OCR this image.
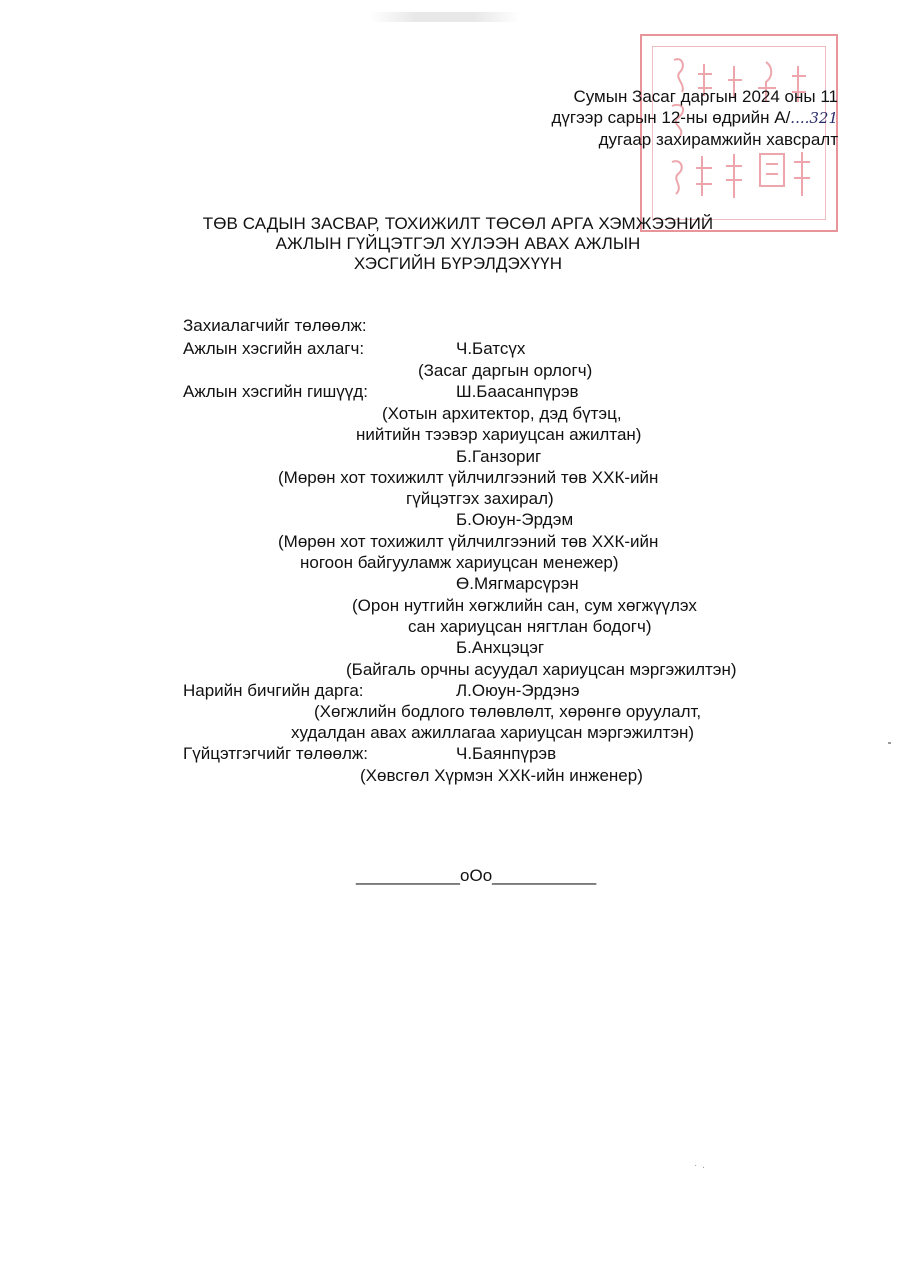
Сумын Засаг даргын 2024 оны 11
дүгээр сарын 12-ны өдрийн А/....321
дугаар захирамжийн хавсралт
ТӨВ САДЫН ЗАСВАР, ТОХИЖИЛТ ТӨСӨЛ АРГА ХЭМЖЭЭНИЙ
АЖЛЫН ГҮЙЦЭТГЭЛ ХҮЛЭЭН АВАХ АЖЛЫН
ХЭСГИЙН БҮРЭЛДЭХҮҮН
Захиалагчийг төлөөлж:
Ажлын хэсгийн ахлагч:	Ч.Батсүх
(Засаг даргын орлогч)
Ажлын хэсгийн гишүүд:	Ш.Баасанпүрэв
(Хотын архитектор, дэд бүтэц,
нийтийн тээвэр хариуцсан ажилтан)
Б.Ганзориг
(Мөрөн хот тохижилт үйлчилгээний төв ХХК-ийн
гүйцэтгэх захирал)
Б.Оюун-Эрдэм
(Мөрөн хот тохижилт үйлчилгээний төв ХХК-ийн
ногоон байгууламж хариуцсан менежер)
Ө.Мягмарсүрэн
(Орон нутгийн хөгжлийн сан, сум хөгжүүлэх
сан хариуцсан нягтлан бодогч)
Б.Анхцэцэг
(Байгаль орчны асуудал хариуцсан мэргэжилтэн)
Нарийн бичгийн дарга:	Л.Оюун-Эрдэнэ
(Хөгжлийн бодлого төлөвлөлт, хөрөнгө оруулалт,
худалдан авах ажиллагаа хариуцсан мэргэжилтэн)
Гүйцэтгэгчийг төлөөлж:	Ч.Баянпүрэв
(Хөвсгөл Хүрмэн ХХК-ийн инженер)
___________oOo___________
· .
